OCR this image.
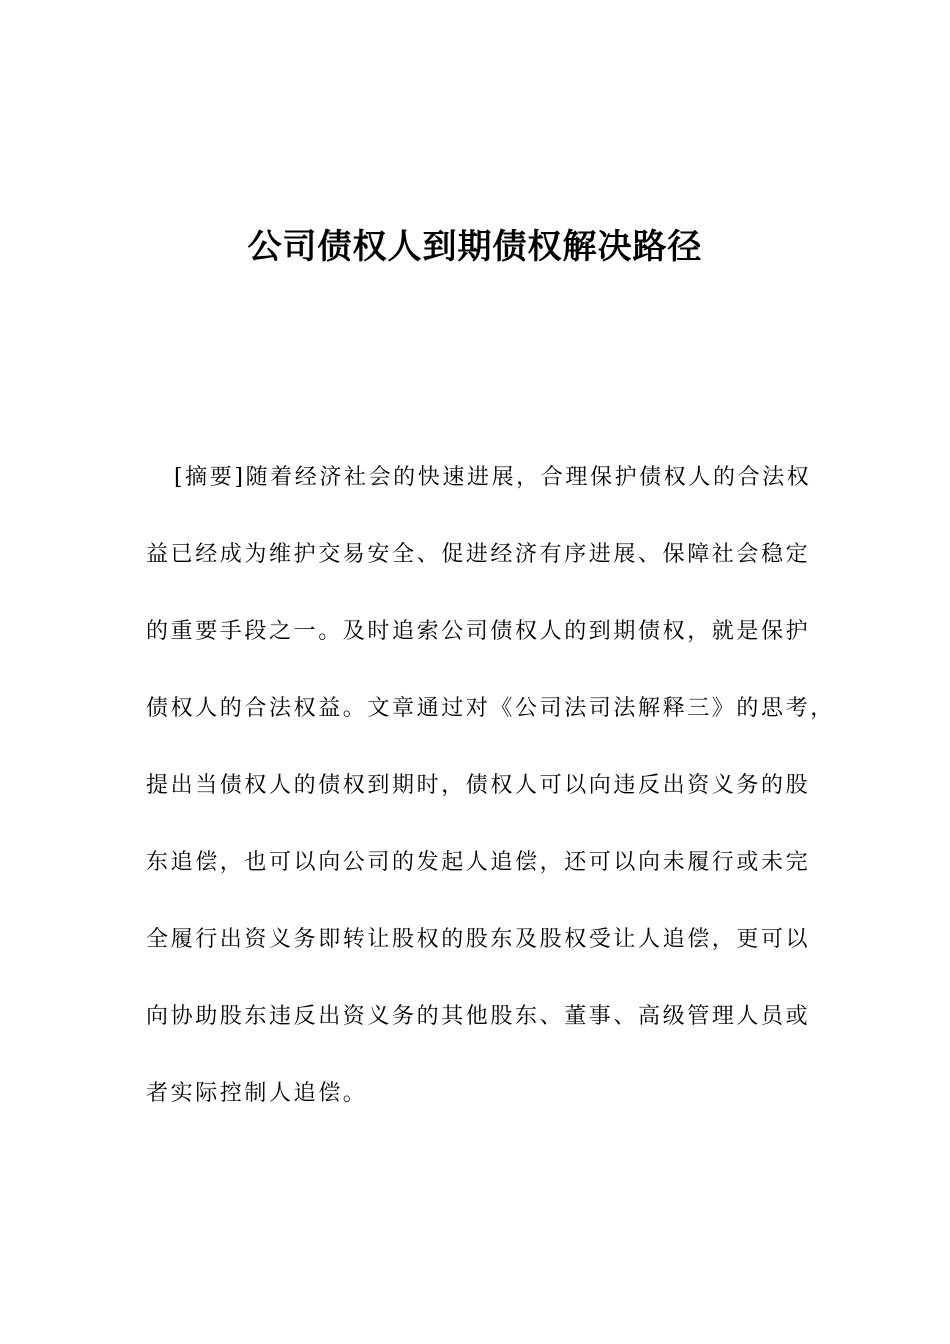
公司债权人到期债权解决路径
[摘要]随着经济社会的快速进展，合理保护债权人的合法权
益已经成为维护交易安全、促进经济有序进展、保障社会稳定
的重要手段之一。及时追索公司债权人的到期债权，就是保护
债权人的合法权益。文章通过对《公司法司法解释三》的思考，
提出当债权人的债权到期时，债权人可以向违反出资义务的股
东追偿，也可以向公司的发起人追偿，还可以向未履行或未完
全履行出资义务即转让股权的股东及股权受让人追偿，更可以
向协助股东违反出资义务的其他股东、董事、高级管理人员或
者实际控制人追偿。
